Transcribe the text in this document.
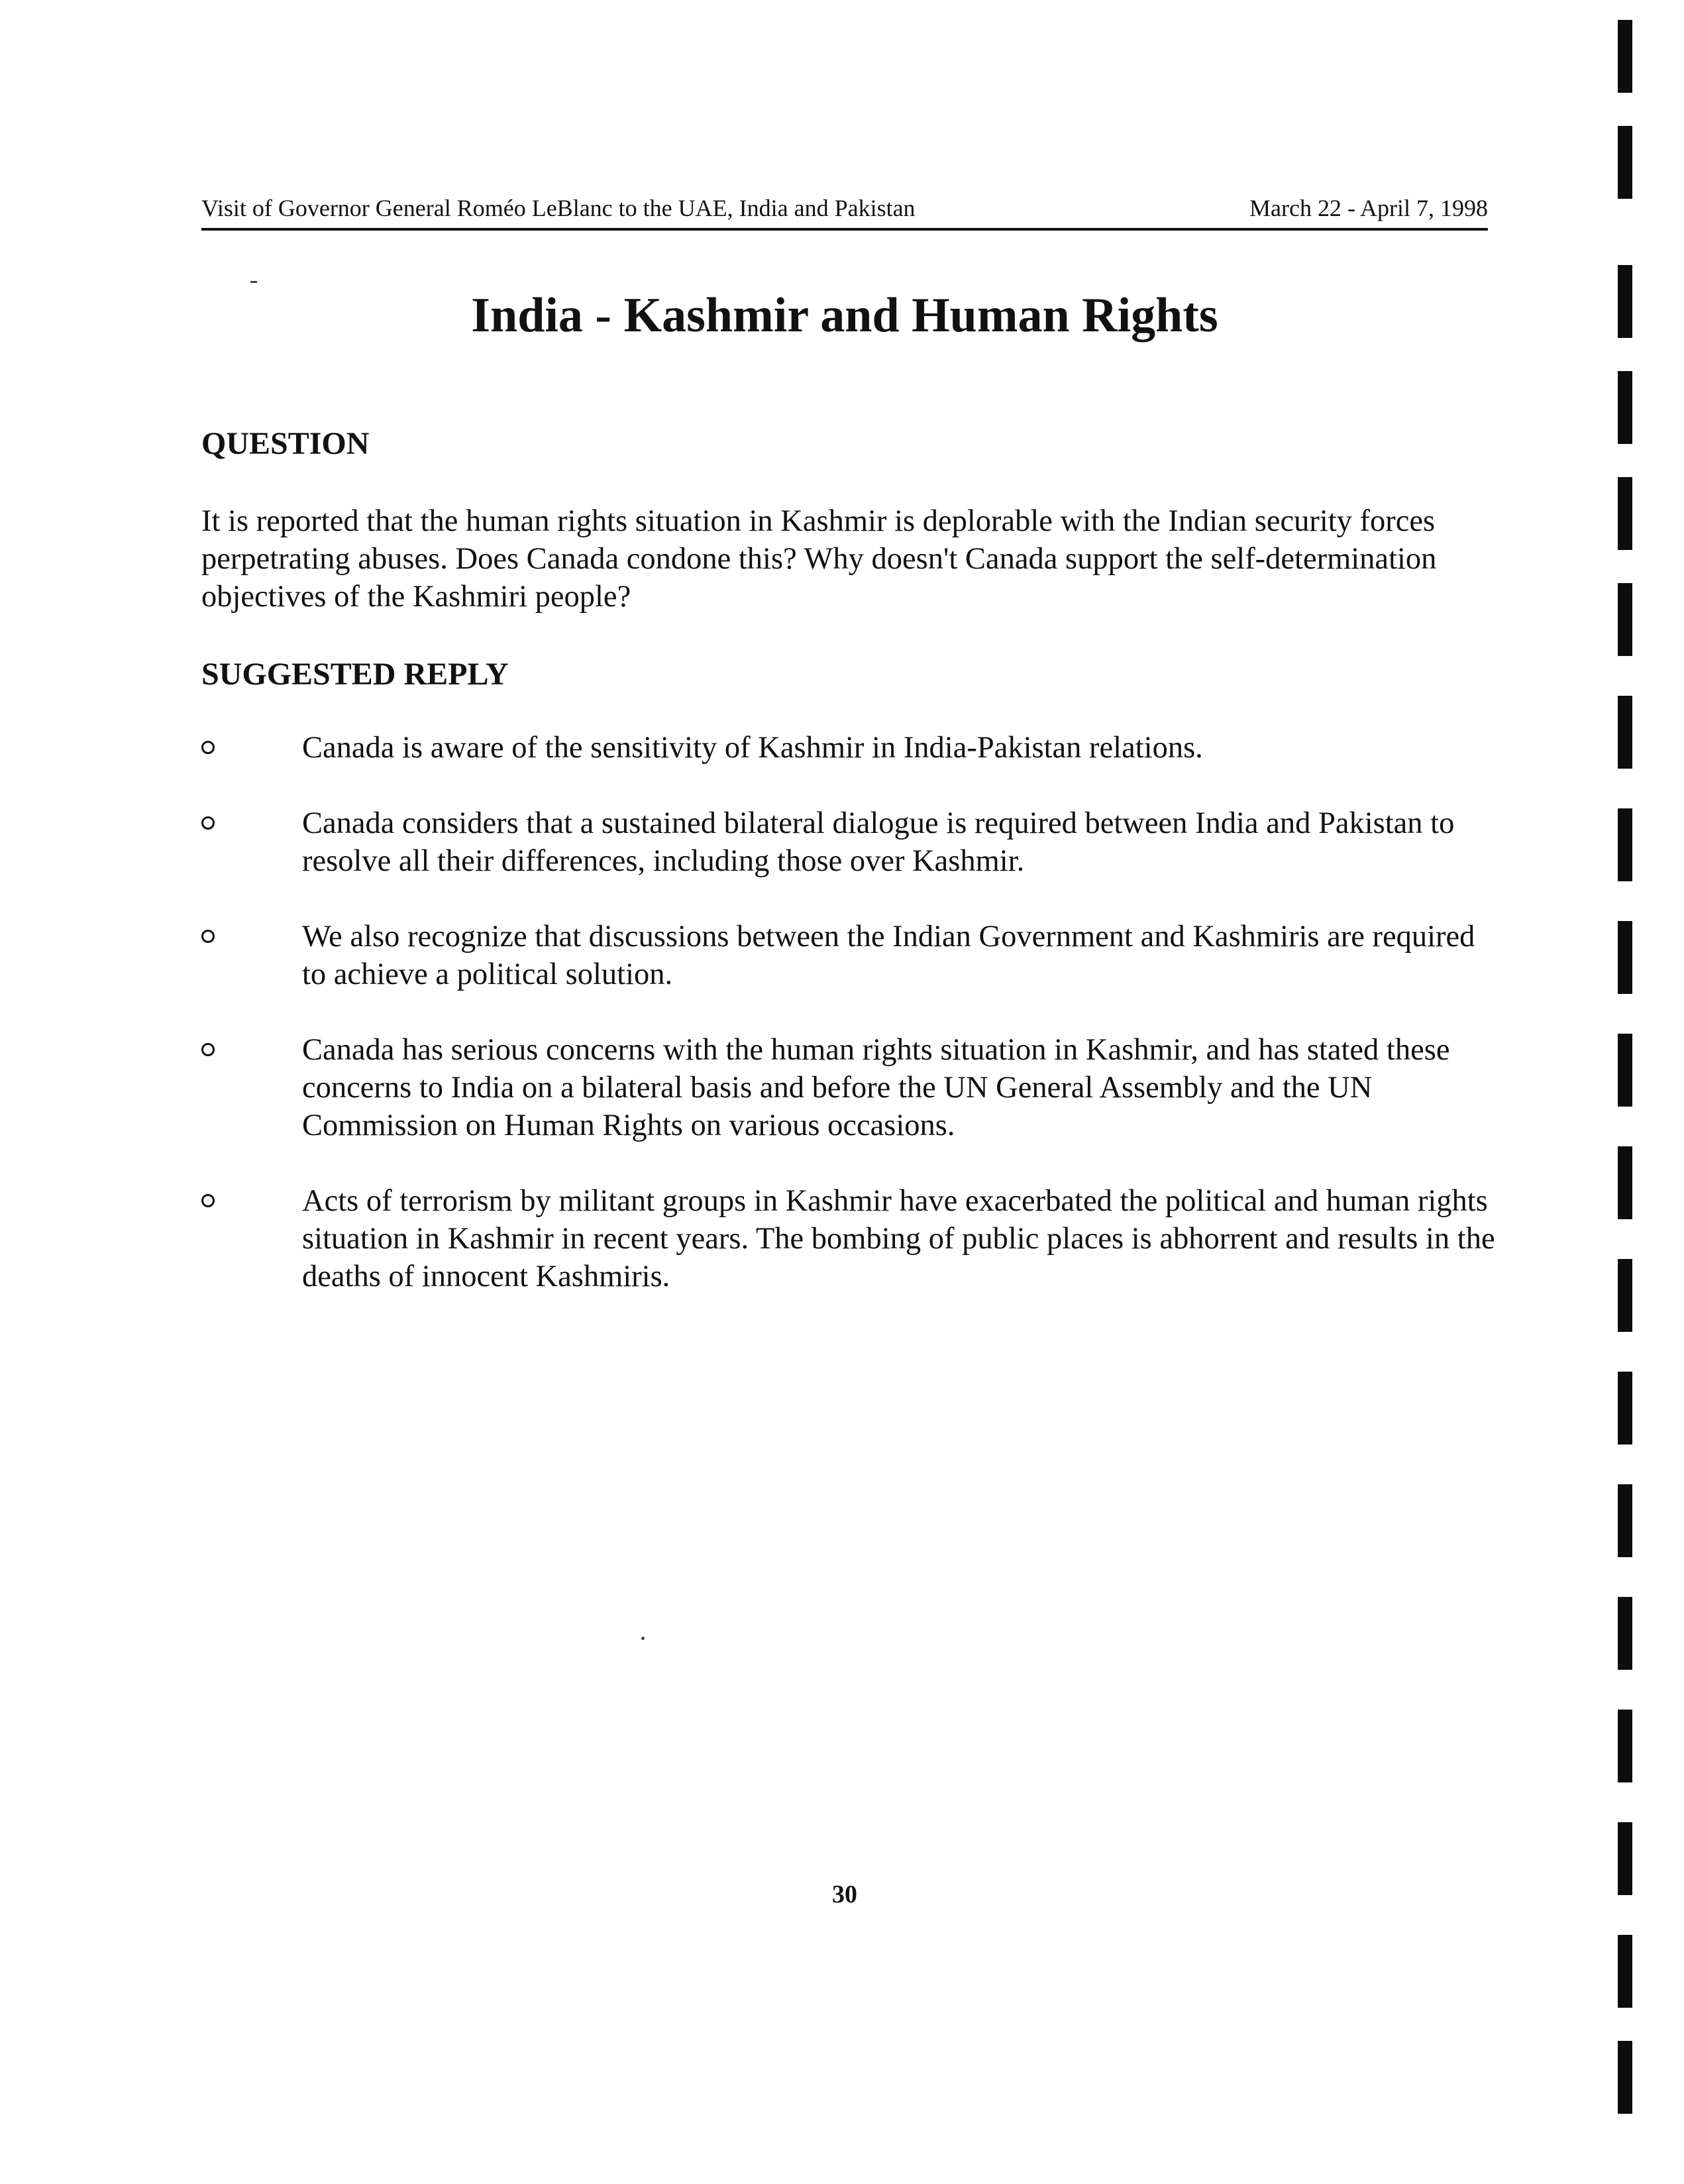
Visit of Governor General Roméo LeBlanc to the UAE, India and Pakistan	March 22 - April 7, 1998
India - Kashmir and Human Rights
QUESTION
It is reported that the human rights situation in Kashmir is deplorable with the Indian security forces perpetrating abuses. Does Canada condone this? Why doesn't Canada support the self-determination objectives of the Kashmiri people?
SUGGESTED REPLY
Canada is aware of the sensitivity of Kashmir in India-Pakistan relations.
Canada considers that a sustained bilateral dialogue is required between India and Pakistan to resolve all their differences, including those over Kashmir.
We also recognize that discussions between the Indian Government and Kashmiris are required to achieve a political solution.
Canada has serious concerns with the human rights situation in Kashmir, and has stated these concerns to India on a bilateral basis and before the UN General Assembly and the UN Commission on Human Rights on various occasions.
Acts of terrorism by militant groups in Kashmir have exacerbated the political and human rights situation in Kashmir in recent years. The bombing of public places is abhorrent and results in the deaths of innocent Kashmiris.
30
